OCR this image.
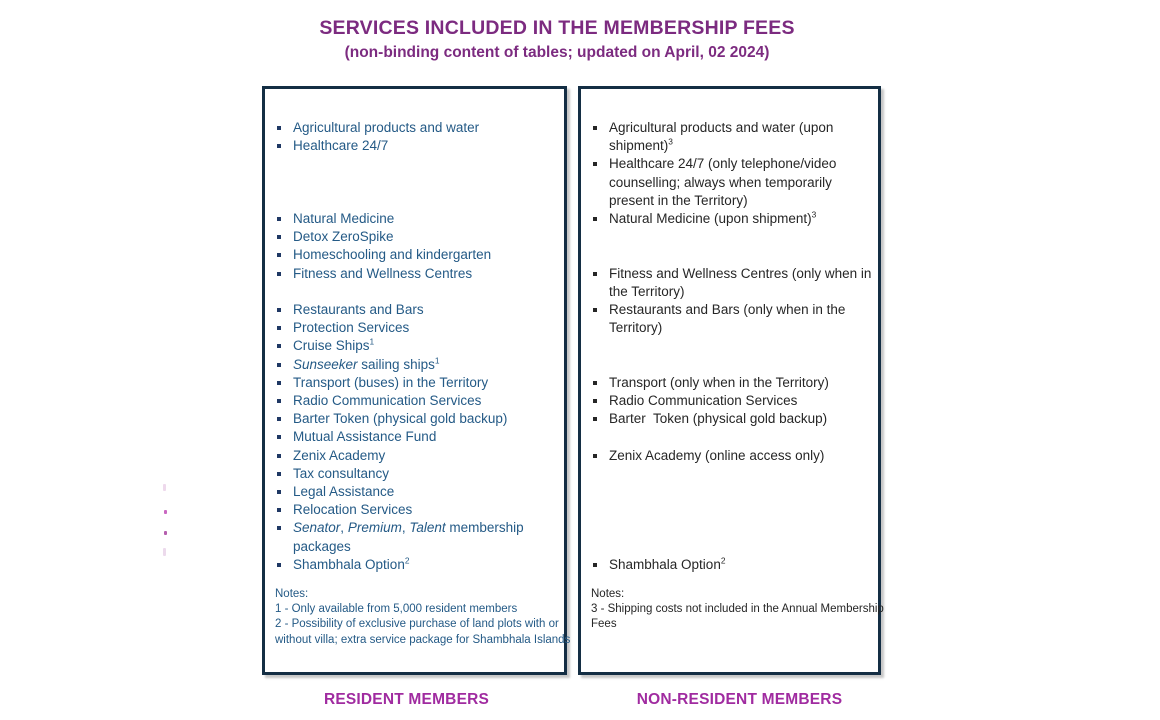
SERVICES INCLUDED IN THE MEMBERSHIP FEES
(non-binding content of tables; updated on April, 02 2024)
Agricultural products and water
Healthcare 24/7
Natural Medicine
Detox ZeroSpike
Homeschooling and kindergarten
Fitness and Wellness Centres
Restaurants and Bars
Protection Services
Cruise Ships$^1$
Sunseeker sailing ships$^1$
Transport (buses) in the Territory
Radio Communication Services
Barter Token (physical gold backup)
Mutual Assistance Fund
Zenix Academy
Tax consultancy
Legal Assistance
Relocation Services
Senator, Premium, Talent membership packages
Shambhala Option$^2$
Notes:
1 - Only available from 5,000 resident members
2 - Possibility of exclusive purchase of land plots with or without villa; extra service package for Shambhala Islands
Agricultural products and water (upon shipment)$^3$
Healthcare 24/7 (only telephone/video counselling; always when temporarily present in the Territory)
Natural Medicine (upon shipment)$^3$
Fitness and Wellness Centres (only when in the Territory)
Restaurants and Bars (only when in the Territory)
Transport (only when in the Territory)
Radio Communication Services
Barter  Token (physical gold backup)
Zenix Academy (online access only)
Shambhala Option$^2$
Notes:
3 - Shipping costs not included in the Annual Membership Fees
RESIDENT MEMBERS	NON-RESIDENT MEMBERS
